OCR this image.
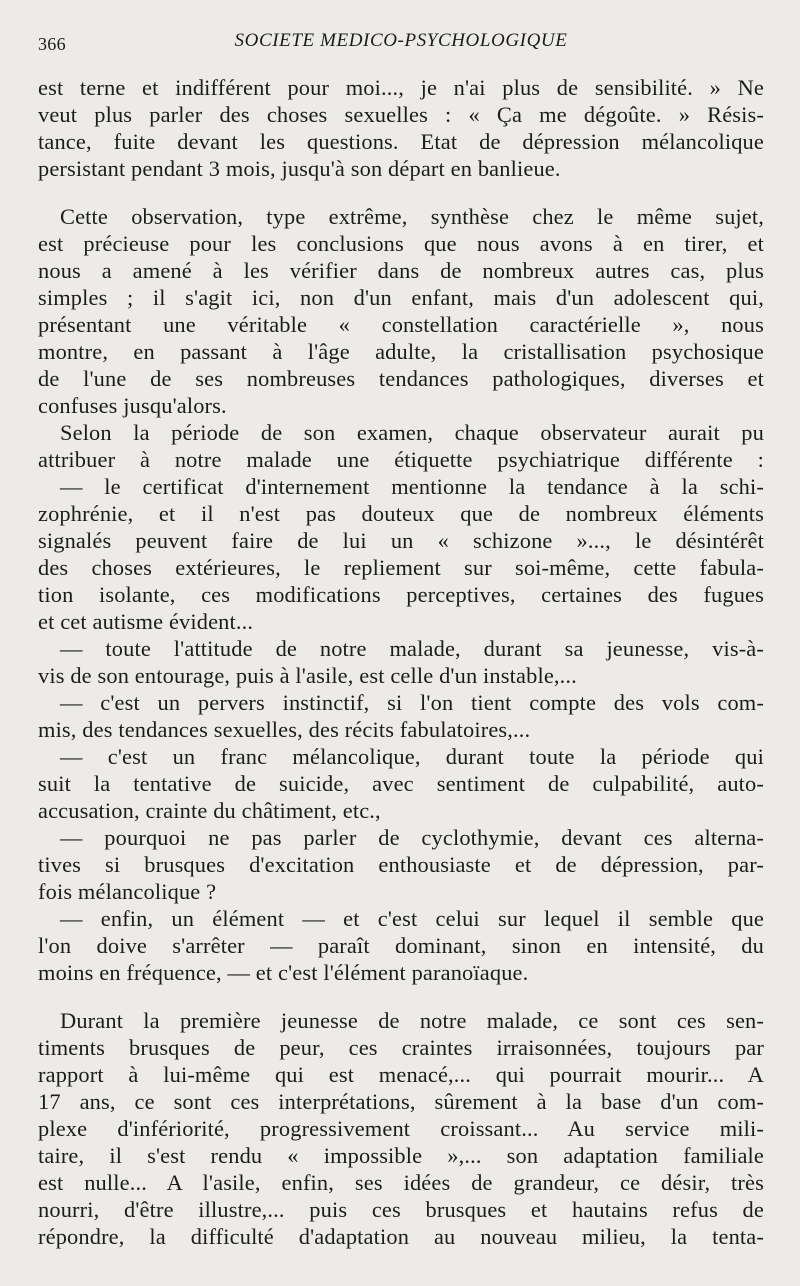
366	SOCIETE MEDICO-PSYCHOLOGIQUE
est terne et indifférent pour moi..., je n'ai plus de sensibilité. » Ne
veut plus parler des choses sexuelles : « Ça me dégoûte. » Résis-
tance, fuite devant les questions. Etat de dépression mélancolique
persistant pendant 3 mois, jusqu'à son départ en banlieue.
Cette observation, type extrême, synthèse chez le même sujet,
est précieuse pour les conclusions que nous avons à en tirer, et
nous a amené à les vérifier dans de nombreux autres cas, plus
simples ; il s'agit ici, non d'un enfant, mais d'un adolescent qui,
présentant une véritable « constellation caractérielle », nous
montre, en passant à l'âge adulte, la cristallisation psychosique
de l'une de ses nombreuses tendances pathologiques, diverses et
confuses jusqu'alors.
Selon la période de son examen, chaque observateur aurait pu
attribuer à notre malade une étiquette psychiatrique différente :
— le certificat d'internement mentionne la tendance à la schi-
zophrénie, et il n'est pas douteux que de nombreux éléments
signalés peuvent faire de lui un « schizone »..., le désintérêt
des choses extérieures, le repliement sur soi-même, cette fabula-
tion isolante, ces modifications perceptives, certaines des fugues
et cet autisme évident...
— toute l'attitude de notre malade, durant sa jeunesse, vis-à-
vis de son entourage, puis à l'asile, est celle d'un instable,...
— c'est un pervers instinctif, si l'on tient compte des vols com-
mis, des tendances sexuelles, des récits fabulatoires,...
— c'est un franc mélancolique, durant toute la période qui
suit la tentative de suicide, avec sentiment de culpabilité, auto-
accusation, crainte du châtiment, etc.,
— pourquoi ne pas parler de cyclothymie, devant ces alterna-
tives si brusques d'excitation enthousiaste et de dépression, par-
fois mélancolique ?
— enfin, un élément — et c'est celui sur lequel il semble que
l'on doive s'arrêter — paraît dominant, sinon en intensité, du
moins en fréquence, — et c'est l'élément paranoïaque.
Durant la première jeunesse de notre malade, ce sont ces sen-
timents brusques de peur, ces craintes irraisonnées, toujours par
rapport à lui-même qui est menacé,... qui pourrait mourir... A
17 ans, ce sont ces interprétations, sûrement à la base d'un com-
plexe d'infériorité, progressivement croissant... Au service mili-
taire, il s'est rendu « impossible »,... son adaptation familiale
est nulle... A l'asile, enfin, ses idées de grandeur, ce désir, très
nourri, d'être illustre,... puis ces brusques et hautains refus de
répondre, la difficulté d'adaptation au nouveau milieu, la tenta-
